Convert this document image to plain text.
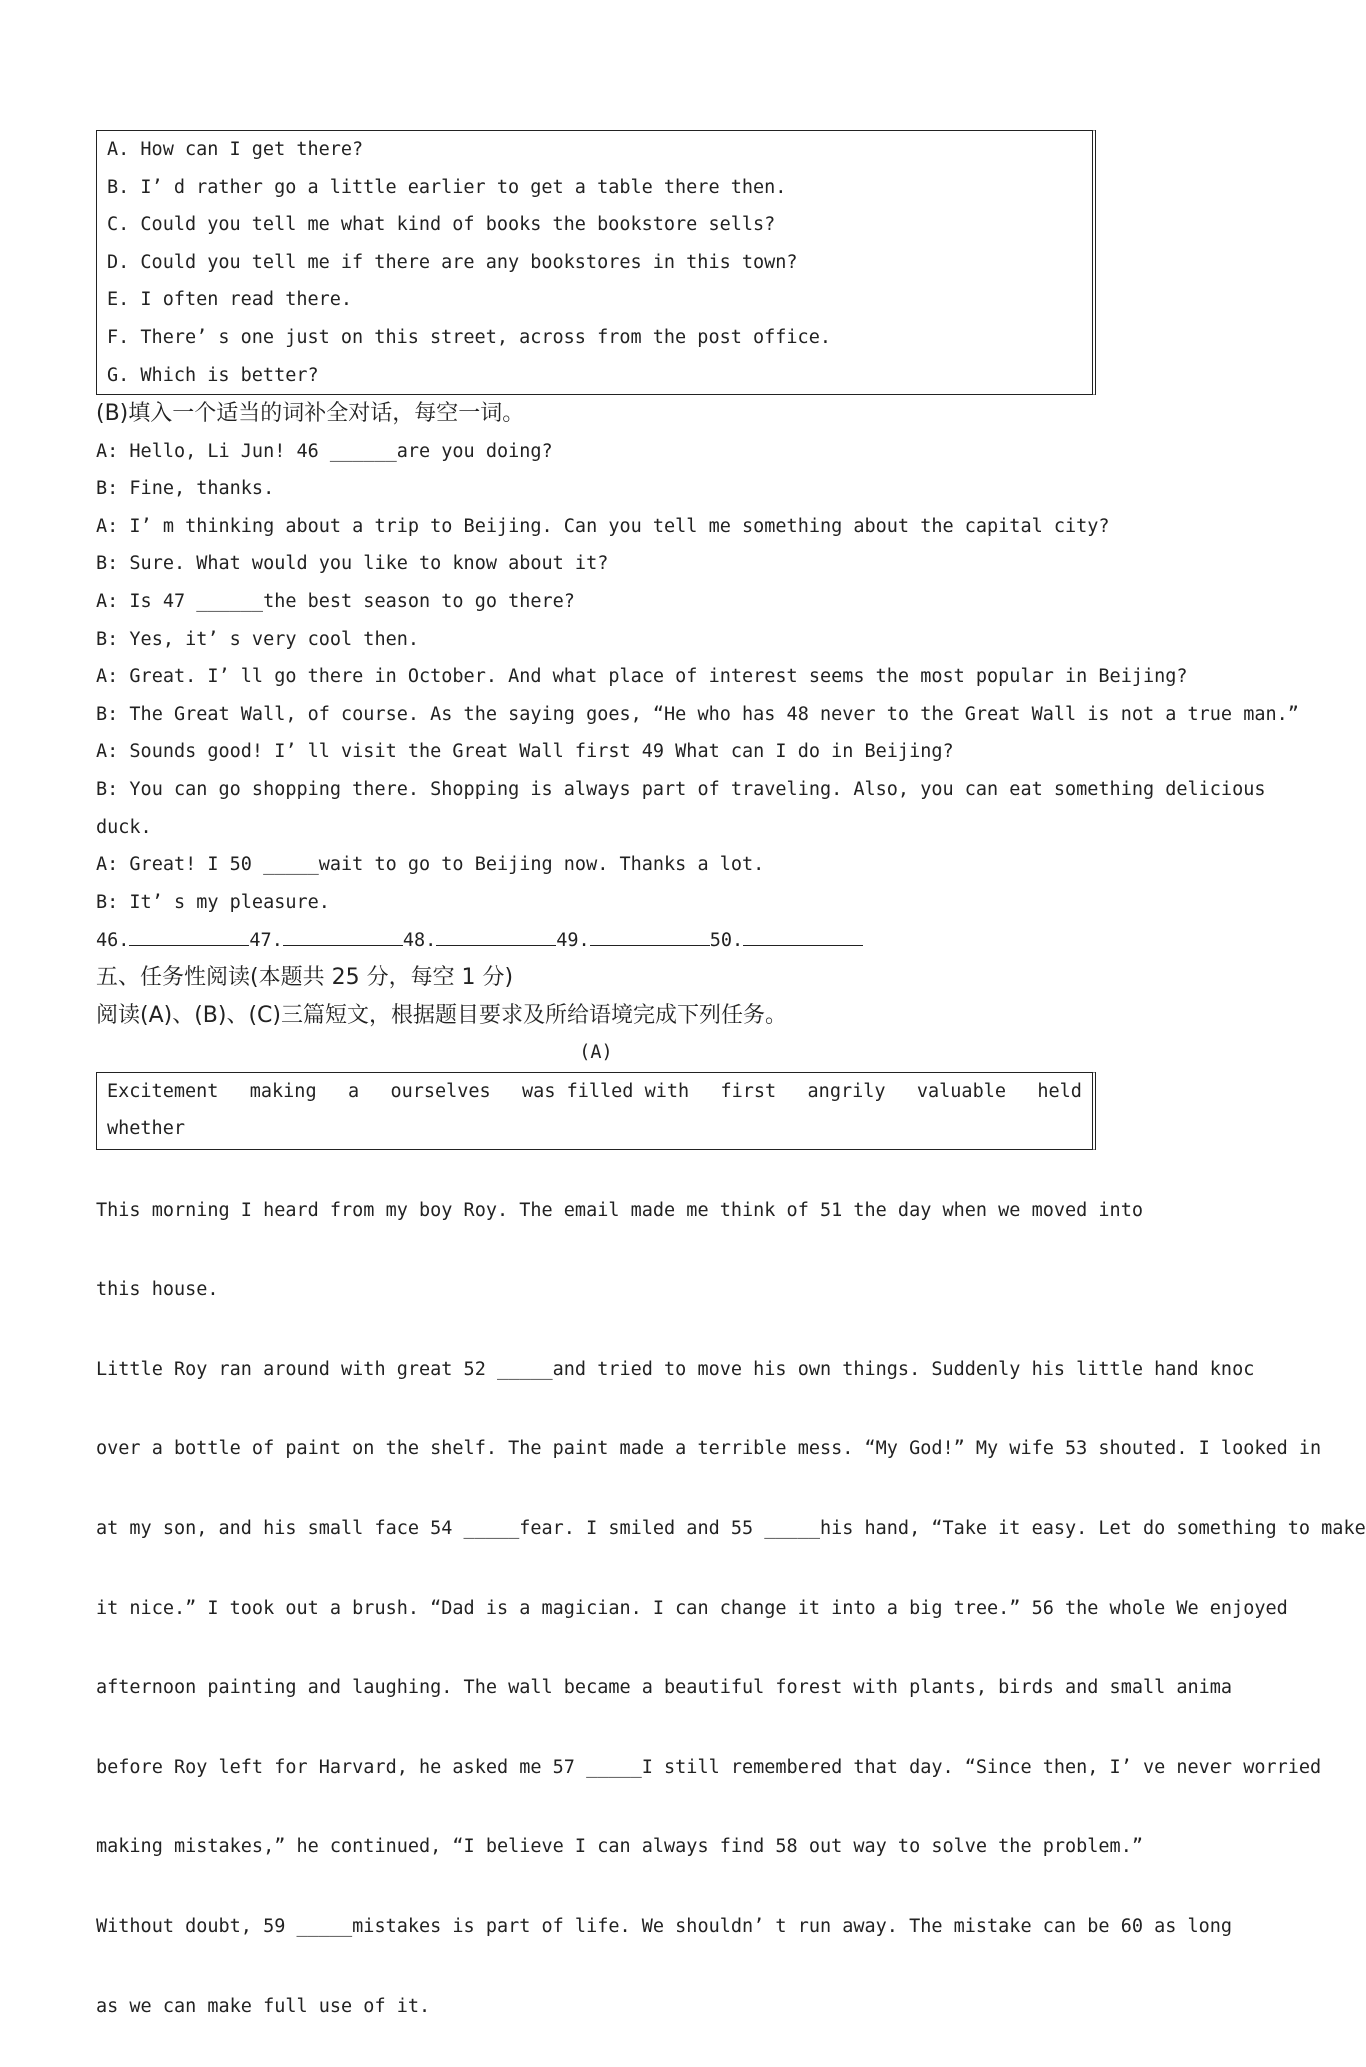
A. How can I get there?
B. I’ d rather go a little earlier to get a table there then.
C. Could you tell me what kind of books the bookstore sells?
D. Could you tell me if there are any bookstores in this town?
E. I often read there.
F. There’ s one just on this street, across from the post office.
G. Which is better?
(B)填入一个适当的词补全对话，每空一词。
A: Hello, Li Jun! 46 ______are you doing?
B: Fine, thanks.
A: I’ m thinking about a trip to Beijing. Can you tell me something about the capital city?
B: Sure. What would you like to know about it?
A: Is 47 ______the best season to go there?
B: Yes, it’ s very cool then.
A: Great. I’ ll go there in October. And what place of interest seems the most popular in Beijing?
B: The Great Wall, of course. As the saying goes, “He who has 48 never to the Great Wall is not a true man.”
A: Sounds good! I’ ll visit the Great Wall first 49 What can I do in Beijing?
B: You can go shopping there. Shopping is always part of traveling. Also, you can eat something delicious
duck.
A: Great! I 50 _____wait to go to Beijing now. Thanks a lot.
B: It’ s my pleasure.
46.	47.	48.	49.	50.
五、任务性阅读(本题共 25 分，每空 1 分)
阅读(A)、(B)、(C)三篇短文，根据题目要求及所给语境完成下列任务。
(A)
Excitement making a ourselves was filled with first angrily valuable held
whether

This morning I heard from my boy Roy. The email made me think of 51 the day when we moved into

this house.

Little Roy ran around with great 52 _____and tried to move his own things. Suddenly his little hand knoc

over a bottle of paint on the shelf. The paint made a terrible mess. “My God!” My wife 53 shouted. I looked in

at my son, and his small face 54 _____fear. I smiled and 55 _____his hand, “Take it easy. Let do something to make

it nice.” I took out a brush. “Dad is a magician. I can change it into a big tree.” 56 the whole We enjoyed

afternoon painting and laughing. The wall became a beautiful forest with plants, birds and small anima

before Roy left for Harvard, he asked me 57 _____I still remembered that day. “Since then, I’ ve never worried

making mistakes,” he continued, “I believe I can always find 58 out way to solve the problem.”

Without doubt, 59 _____mistakes is part of life. We shouldn’ t run away. The mistake can be 60 as long

as we can make full use of it.
